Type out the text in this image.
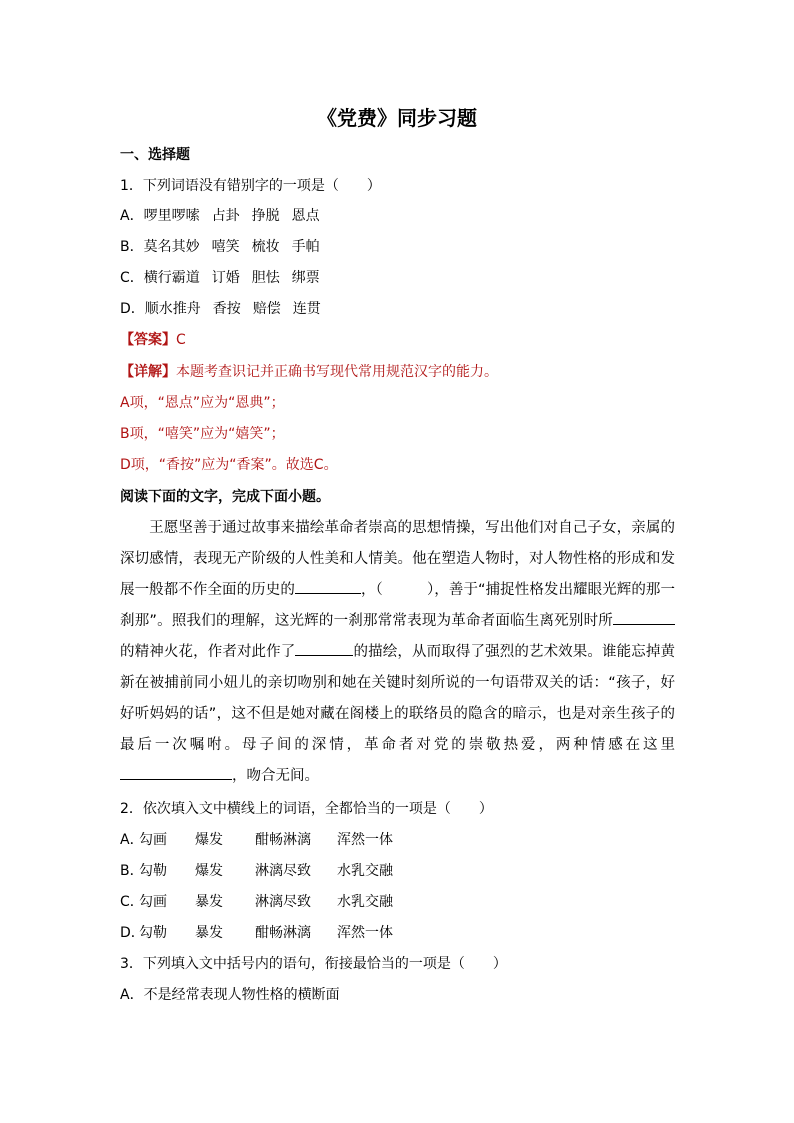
《党费》同步习题
一、选择题
1．下列词语没有错别字的一项是（　　）
A．啰里啰嗦 占卦 挣脱 恩点
B．莫名其妙 嘻笑 梳妆 手帕
C．横行霸道 订婚 胆怯 绑票
D．顺水推舟 香按 赔偿 连贯
【答案】C
【详解】本题考查识记并正确书写现代常用规范汉字的能力。
A项，“恩点”应为“恩典”；
B项，“嘻笑”应为“嬉笑”；
D项，“香按”应为“香案”。故选C。
阅读下面的文字，完成下面小题。
王愿坚善于通过故事来描绘革命者崇高的思想情操，写出他们对自己子女，亲属的深切感情，表现无产阶级的人性美和人情美。他在塑造人物时，对人物性格的形成和发展一般都不作全面的历史的	，（	），善于“捕捉性格发出耀眼光辉的那一刹那”。照我们的理解，这光辉的一刹那常常表现为革命者面临生离死别时所的精神火花，作者对此作了	的描绘，从而取得了强烈的艺术效果。谁能忘掉黄新在被捕前同小妞儿的亲切吻别和她在关键时刻所说的一句语带双关的话：“孩子，好好听妈妈的话”，这不但是她对藏在阁楼上的联络员的隐含的暗示，也是对亲生孩子的最后一次嘱咐。母子间的深情，革命者对党的崇敬热爱，两种情感在这里，吻合无间。
2．依次填入文中横线上的词语，全都恰当的一项是（　　）
A．勾画 爆发 酣畅淋漓 浑然一体
B．勾勒 爆发 淋漓尽致 水乳交融
C．勾画 暴发 淋漓尽致 水乳交融
D．勾勒 暴发 酣畅淋漓 浑然一体
3．下列填入文中括号内的语句，衔接最恰当的一项是（　　）
A．不是经常表现人物性格的横断面
